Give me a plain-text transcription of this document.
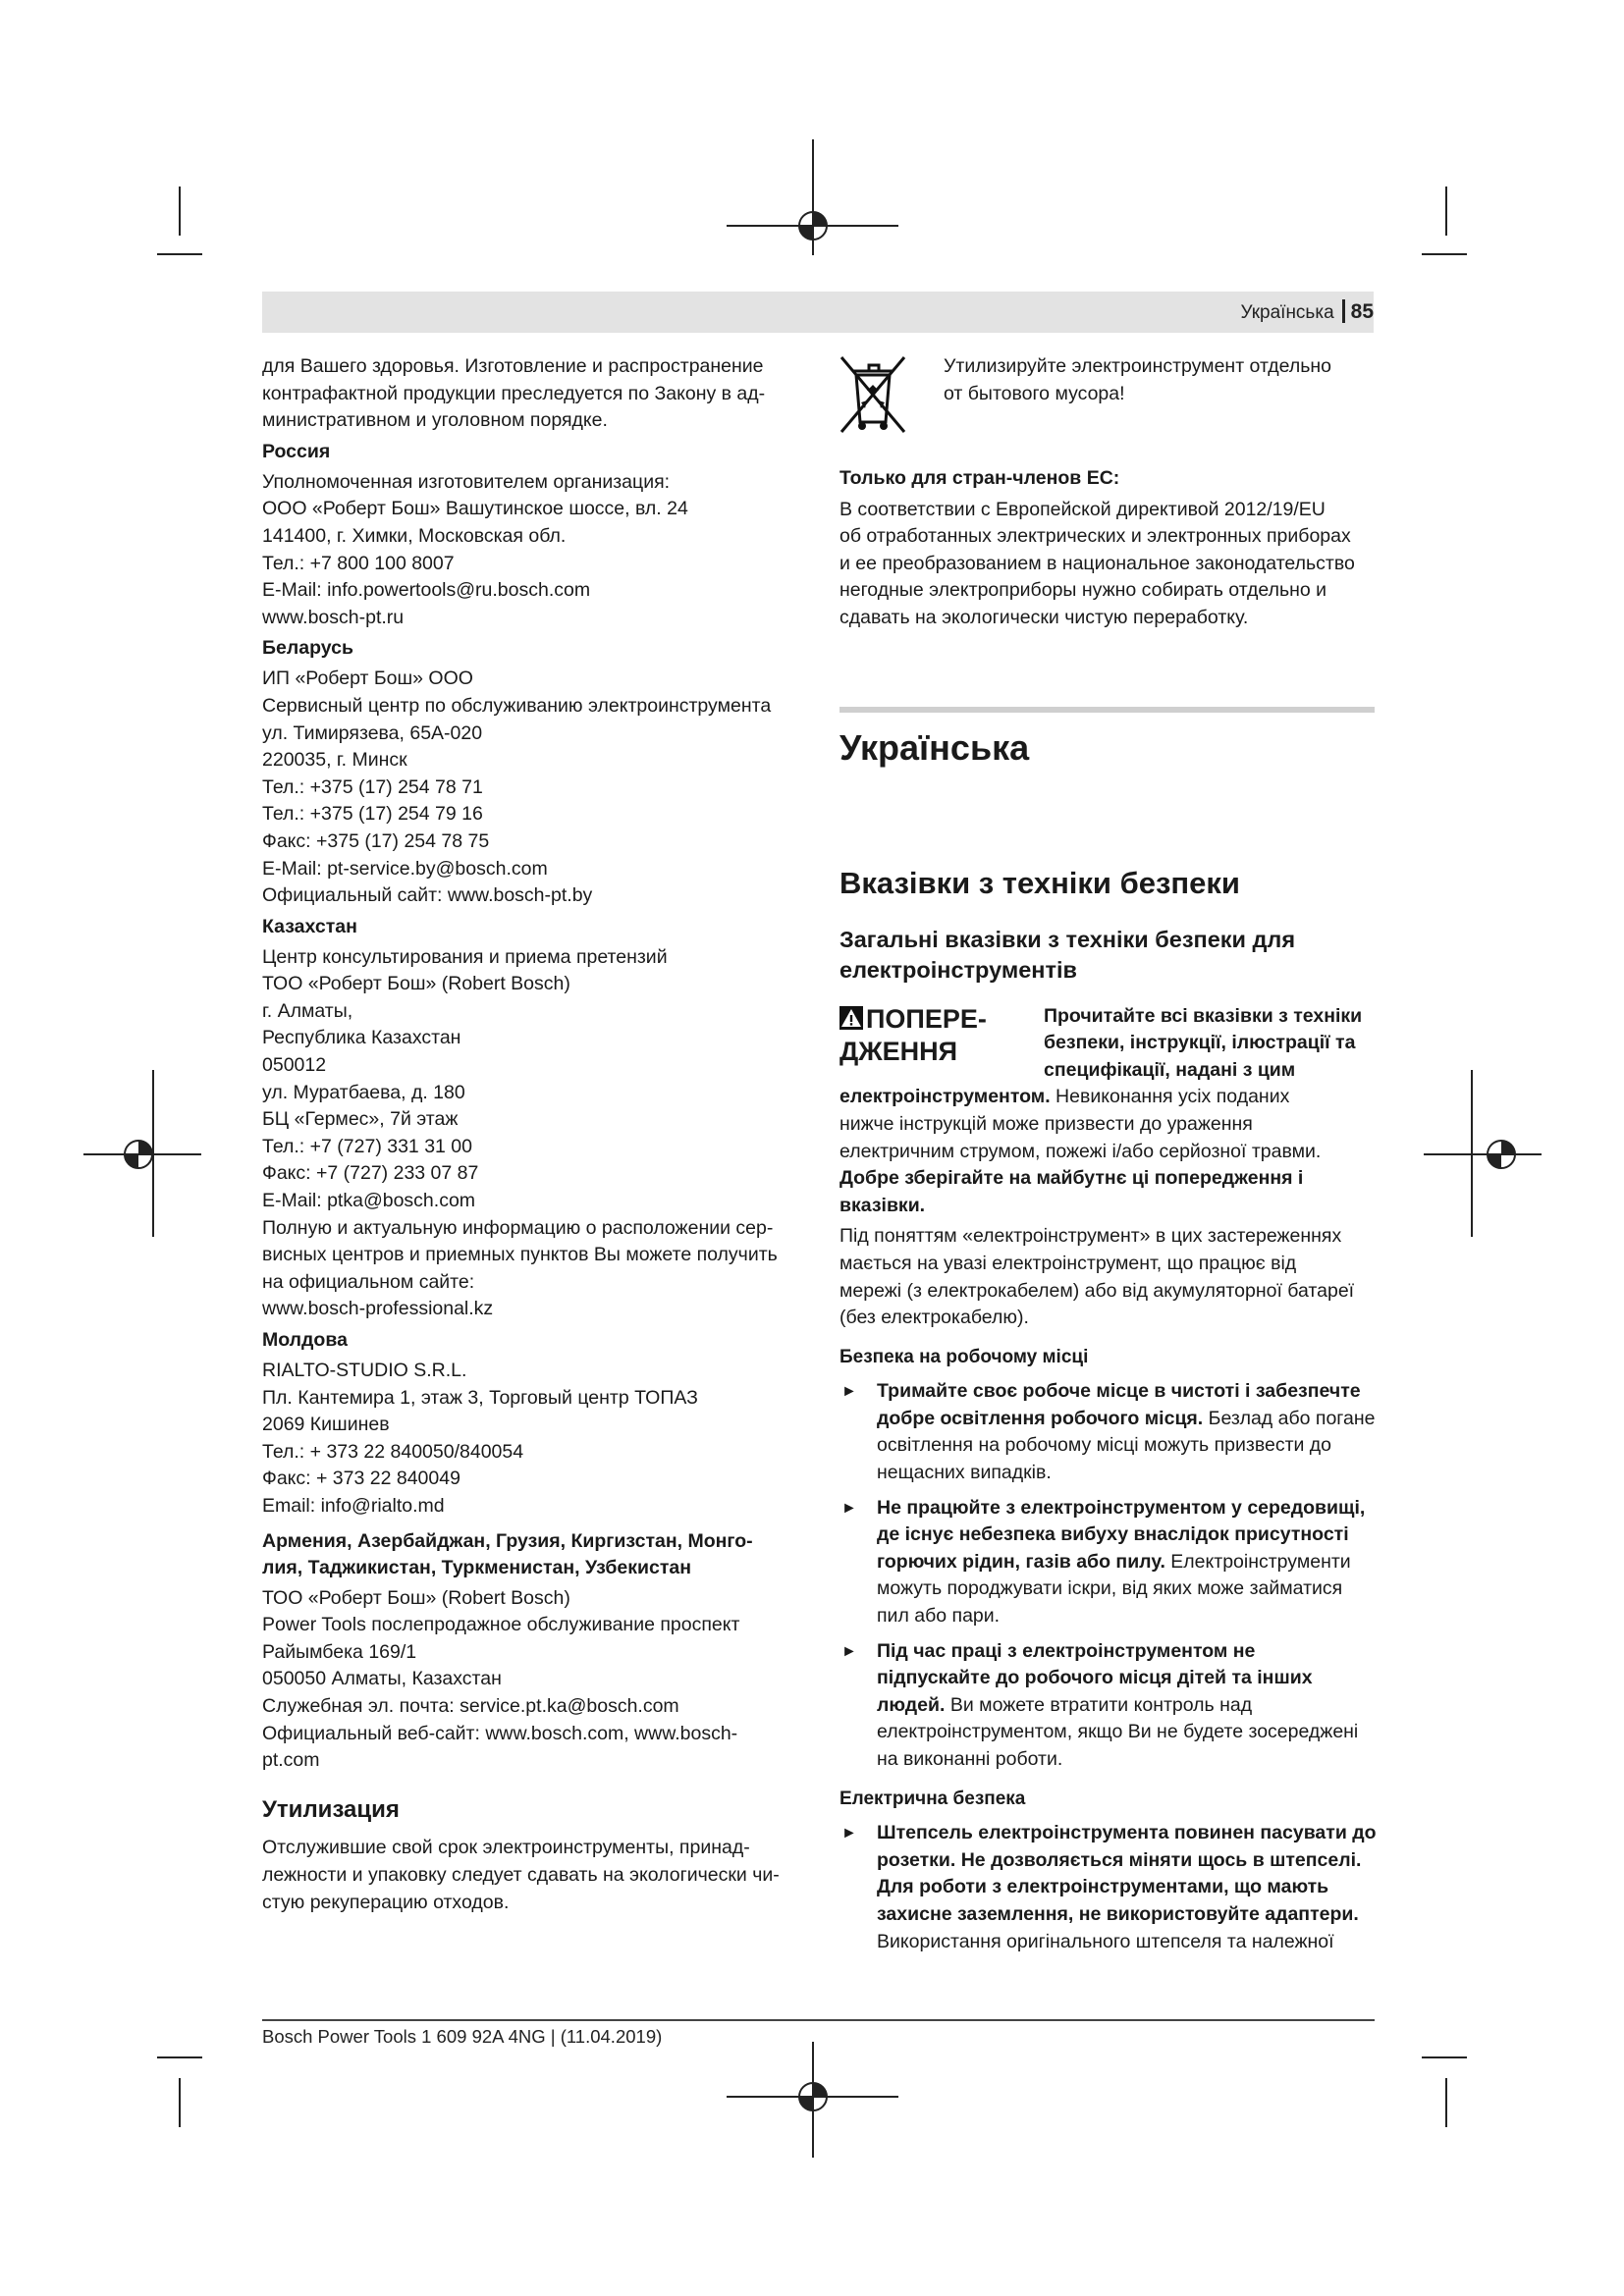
Українська 85
для Вашего здоровья. Изготовление и распространение
контрафактной продукции преследуется по Закону в ад-
министративном и уголовном порядке.
Россия
Уполномоченная изготовителем организация:
ООО «Роберт Бош» Вашутинское шоссе, вл. 24
141400, г. Химки, Московская обл.
Тел.: +7 800 100 8007
E-Mail: info.powertools@ru.bosch.com
www.bosch-pt.ru
Беларусь
ИП «Роберт Бош» ООО
Сервисный центр по обслуживанию электроинструмента
ул. Тимирязева, 65А-020
220035, г. Минск
Тел.: +375 (17) 254 78 71
Тел.: +375 (17) 254 79 16
Факс: +375 (17) 254 78 75
E-Mail: pt-service.by@bosch.com
Официальный сайт: www.bosch-pt.by
Казахстан
Центр консультирования и приема претензий
ТОО «Роберт Бош» (Robert Bosch)
г. Алматы,
Республика Казахстан
050012
ул. Муратбаева, д. 180
БЦ «Гермес», 7й этаж
Тел.: +7 (727) 331 31 00
Факс: +7 (727) 233 07 87
E-Mail: ptka@bosch.com
Полную и актуальную информацию о расположении сер-
висных центров и приемных пунктов Вы можете получить
на официальном сайте:
www.bosch-professional.kz
Молдова
RIALTO-STUDIO S.R.L.
Пл. Кантемира 1, этаж 3, Торговый центр ТОПАЗ
2069 Кишинев
Тел.: + 373 22 840050/840054
Факс: + 373 22 840049
Email: info@rialto.md
Армения, Азербайджан, Грузия, Киргизстан, Монго-
лия, Таджикистан, Туркменистан, Узбекистан
ТОО «Роберт Бош» (Robert Bosch)
Power Tools послепродажное обслуживание проспект
Райымбека 169/1
050050 Алматы, Казахстан
Служебная эл. почта: service.pt.ka@bosch.com
Официальный веб-сайт: www.bosch.com, www.bosch-
pt.com
Утилизация
Отслужившие свой срок электроинструменты, принад-
лежности и упаковку следует сдавать на экологически чи-
стую рекуперацию отходов.
Утилизируйте электроинструмент отдельно
от бытового мусора!
Только для стран-членов ЕС:
В соответствии с Европейской директивой 2012/19/EU
об отработанных электрических и электронных приборах
и ее преобразованием в национальное законодательство
негодные электроприборы нужно собирать отдельно и
сдавать на экологически чистую переработку.
Українська
Вказівки з техніки безпеки
Загальні вказівки з техніки безпеки для
електроінструментів
ПОПЕРЕ-
ДЖЕННЯ
Прочитайте всі вказівки з техніки
безпеки, інструкції, ілюстрації та
специфікації, надані з цим
електроінструментом. Невиконання усіх поданих
нижче інструкцій може призвести до ураження
електричним струмом, пожежі і/або серйозної травми.
Добре зберігайте на майбутнє ці попередження і
вказівки.
Під поняттям «електроінструмент» в цих застереженнях
мається на увазі електроінструмент, що працює від
мережі (з електрокабелем) або від акумуляторної батареї
(без електрокабелю).
Безпека на робочому місці
►	Тримайте своє робоче місце в чистоті і забезпечте
добре освітлення робочого місця. Безлад або погане
освітлення на робочому місці можуть призвести до
нещасних випадків.
►	Не працюйте з електроінструментом у середовищі,
де існує небезпека вибуху внаслідок присутності
горючих рідин, газів або пилу. Електроінструменти
можуть породжувати іскри, від яких може займатися
пил або пари.
►	Під час праці з електроінструментом не
підпускайте до робочого місця дітей та інших
людей. Ви можете втратити контроль над
електроінструментом, якщо Ви не будете зосереджені
на виконанні роботи.
Електрична безпека
►	Штепсель електроінструмента повинен пасувати до
розетки. Не дозволяється міняти щось в штепселі.
Для роботи з електроінструментами, що мають
захисне заземлення, не використовуйте адаптери.
Використання оригінального штепселя та належної
Bosch Power Tools 1 609 92A 4NG | (11.04.2019)
